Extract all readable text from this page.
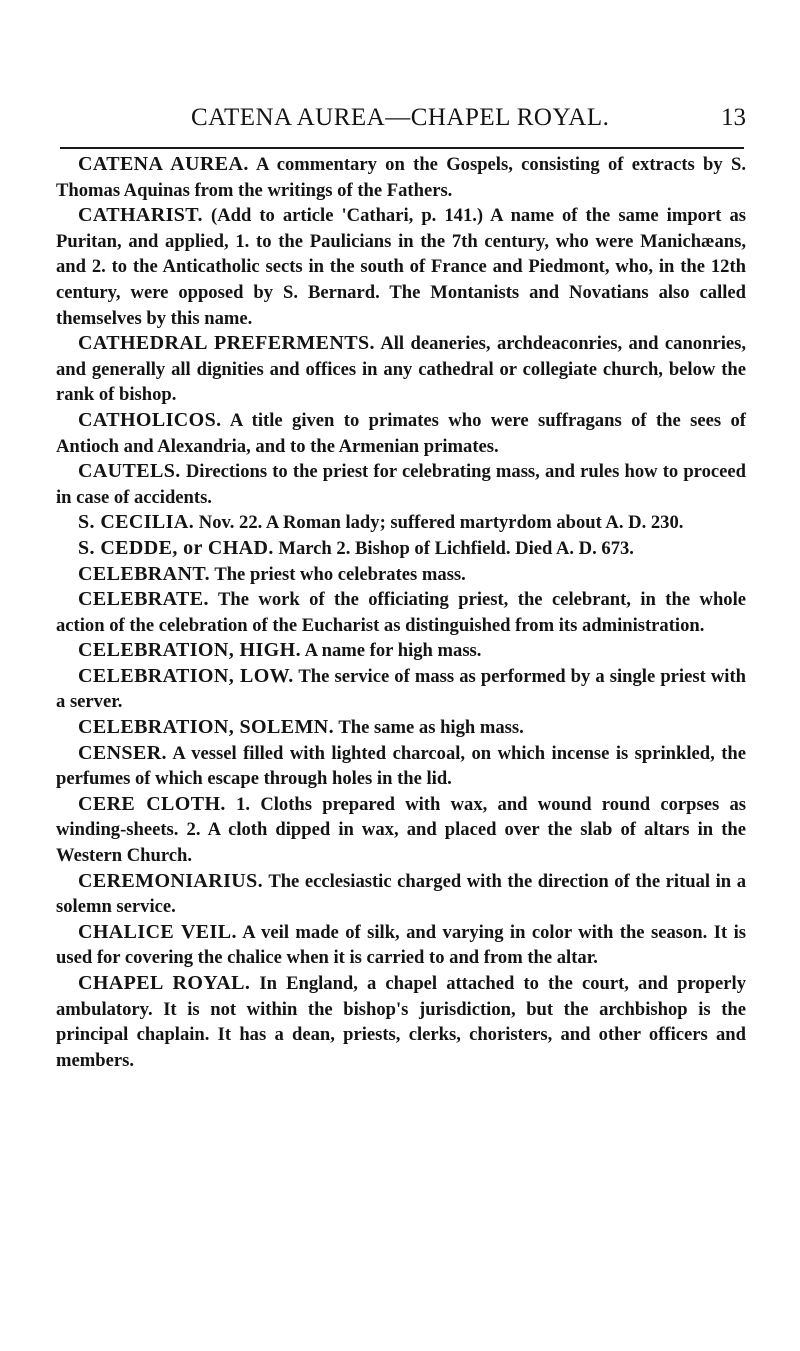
CATENA AUREA—CHAPEL ROYAL.	13

CATENA AUREA. A commentary on the Gospels, consisting of extracts by S. Thomas Aquinas from the writings of the Fathers.

CATHARIST. (Add to article 'Cathari, p. 141.) A name of the same import as Puritan, and applied, 1. to the Paulicians in the 7th century, who were Manichæans, and 2. to the Anticatholic sects in the south of France and Piedmont, who, in the 12th century, were opposed by S. Bernard. The Montanists and Novatians also called themselves by this name.

CATHEDRAL PREFERMENTS. All deaneries, archdeaconries, and canonries, and generally all dignities and offices in any cathedral or collegiate church, below the rank of bishop.

CATHOLICOS. A title given to primates who were suffragans of the sees of Antioch and Alexandria, and to the Armenian primates.

CAUTELS. Directions to the priest for celebrating mass, and rules how to proceed in case of accidents.

S. CECILIA. Nov. 22. A Roman lady; suffered martyrdom about A. D. 230.

S. CEDDE, or CHAD. March 2. Bishop of Lichfield. Died A. D. 673.

CELEBRANT. The priest who celebrates mass.

CELEBRATE. The work of the officiating priest, the celebrant, in the whole action of the celebration of the Eucharist as distinguished from its administration.

CELEBRATION, HIGH. A name for high mass.

CELEBRATION, LOW. The service of mass as performed by a single priest with a server.

CELEBRATION, SOLEMN. The same as high mass.

CENSER. A vessel filled with lighted charcoal, on which incense is sprinkled, the perfumes of which escape through holes in the lid.

CERE CLOTH. 1. Cloths prepared with wax, and wound round corpses as winding-sheets. 2. A cloth dipped in wax, and placed over the slab of altars in the Western Church.

CEREMONIARIUS. The ecclesiastic charged with the direction of the ritual in a solemn service.

CHALICE VEIL. A veil made of silk, and varying in color with the season. It is used for covering the chalice when it is carried to and from the altar.

CHAPEL ROYAL. In England, a chapel attached to the court, and properly ambulatory. It is not within the bishop's jurisdiction, but the archbishop is the principal chaplain. It has a dean, priests, clerks, choristers, and other officers and members.
